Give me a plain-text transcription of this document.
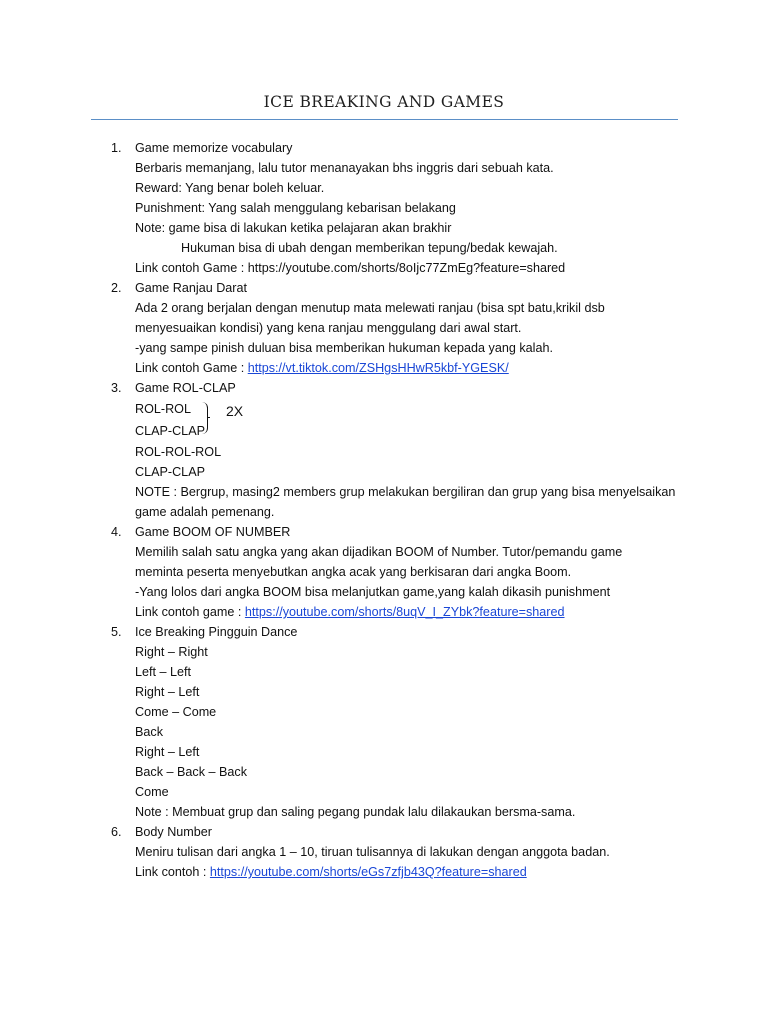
ICE BREAKING AND GAMES
1.	Game memorize vocabulary
Berbaris memanjang, lalu tutor menanayakan bhs inggris dari sebuah kata.
Reward: Yang benar boleh keluar.
Punishment: Yang salah menggulang kebarisan belakang
Note: game bisa di lakukan ketika pelajaran akan brakhir
Hukuman bisa di ubah dengan memberikan tepung/bedak kewajah.
Link contoh Game : https://youtube.com/shorts/8oIjc77ZmEg?feature=shared
2.	Game Ranjau Darat
Ada 2 orang berjalan dengan menutup mata melewati ranjau (bisa spt batu,krikil dsb
menyesuaikan kondisi) yang kena ranjau menggulang dari awal start.
-yang sampe pinish duluan bisa memberikan hukuman kepada yang kalah.
Link contoh Game : https://vt.tiktok.com/ZSHgsHHwR5kbf-YGESK/
3.	Game ROL-CLAP
ROL-ROL
CLAP-CLAP
ROL-ROL-ROL
CLAP-CLAP
NOTE : Bergrup, masing2 members grup melakukan bergiliran dan grup yang bisa menyelsaikan
game adalah pemenang.
4.	Game BOOM OF NUMBER
Memilih salah satu angka yang akan dijadikan BOOM of Number. Tutor/pemandu game
meminta peserta menyebutkan angka acak yang berkisaran dari angka Boom.
-Yang lolos dari angka BOOM bisa melanjutkan game,yang kalah dikasih punishment
Link contoh game : https://youtube.com/shorts/8uqV_I_ZYbk?feature=shared
5.	Ice Breaking Pingguin Dance
Right – Right
Left – Left
Right – Left
Come – Come
Back
Right – Left
Back – Back – Back
Come
Note : Membuat grup dan saling pegang pundak lalu dilakaukan bersma-sama.
6.	Body Number
Meniru tulisan dari angka 1 – 10, tiruan tulisannya di lakukan dengan anggota badan.
Link contoh : https://youtube.com/shorts/eGs7zfjb43Q?feature=shared
2X
